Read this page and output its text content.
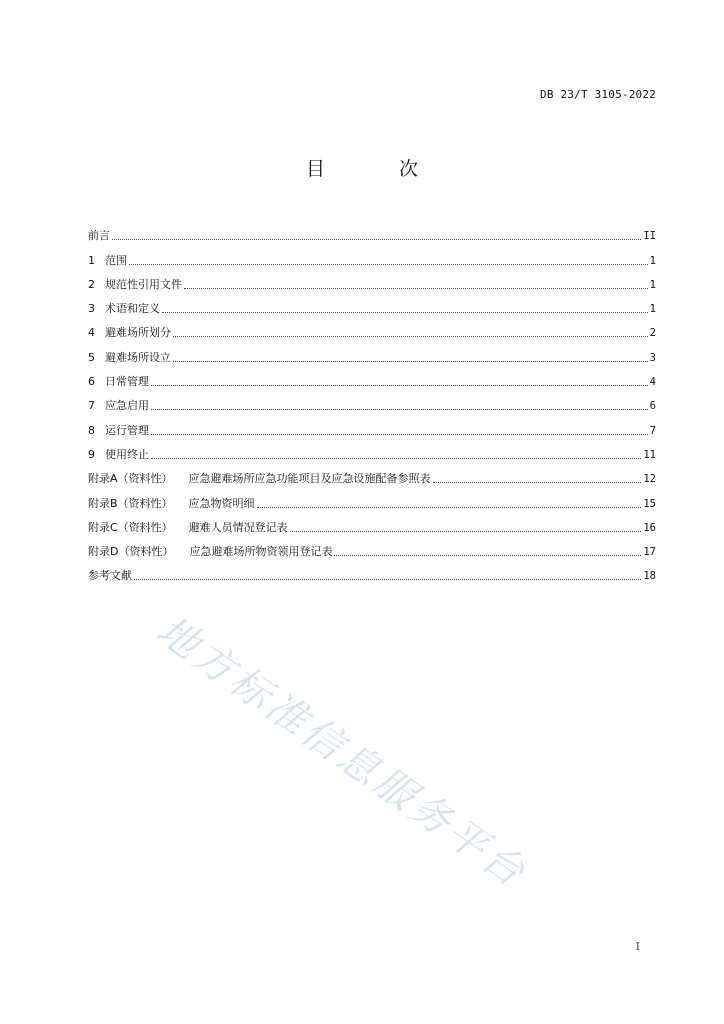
DB 23/T 3105-2022
目 次
前言	II
1 范围	1
2 规范性引用文件	1
3 术语和定义	1
4 避难场所划分	2
5 避难场所设立	3
6 日常管理	4
7 应急启用	6
8 运行管理	7
9 使用终止	11
附录A（资料性） 应急避难场所应急功能项目及应急设施配备参照表	12
附录B（资料性） 应急物资明细	15
附录C（资料性） 避难人员情况登记表	16
附录D（资料性） 应急避难场所物资领用登记表	17
参考文献	18
地方标准信息服务平台
I
